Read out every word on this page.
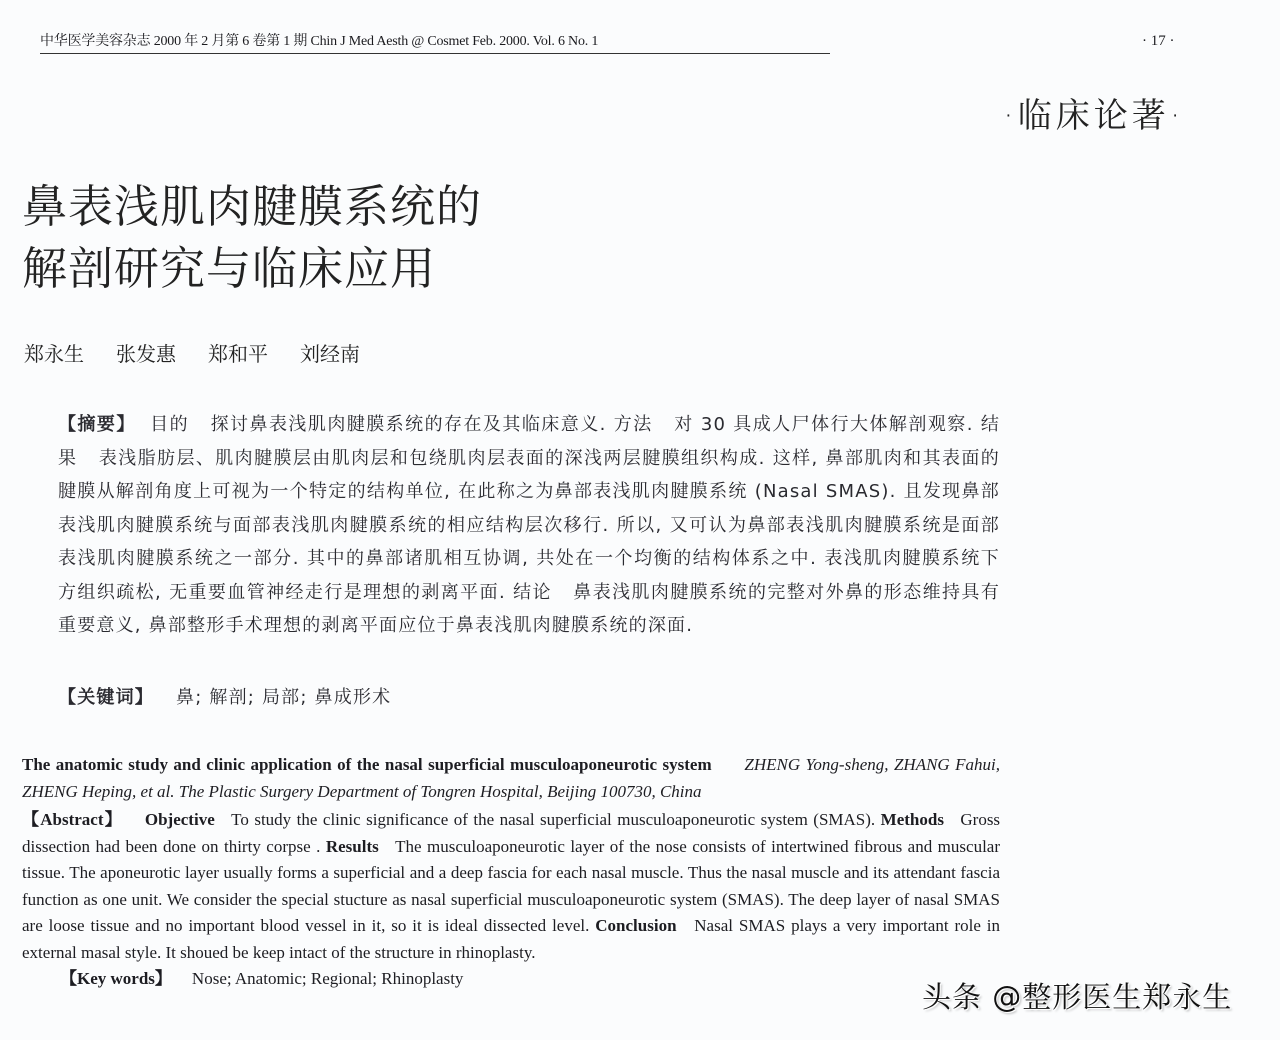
中华医学美容杂志 2000 年 2 月第 6 卷第 1 期 Chin J Med Aesth @ Cosmet Feb. 2000. Vol. 6 No. 1	· 17 ·
·临床论著·
鼻表浅肌肉腱膜系统的
解剖研究与临床应用
郑永生 张发惠 郑和平 刘经南
【摘要】 目的 探讨鼻表浅肌肉腱膜系统的存在及其临床意义. 方法 对 30 具成人尸体行大体解剖观察. 结果 表浅脂肪层、肌肉腱膜层由肌肉层和包绕肌肉层表面的深浅两层腱膜组织构成. 这样, 鼻部肌肉和其表面的腱膜从解剖角度上可视为一个特定的结构单位, 在此称之为鼻部表浅肌肉腱膜系统 (Nasal SMAS). 且发现鼻部表浅肌肉腱膜系统与面部表浅肌肉腱膜系统的相应结构层次移行. 所以, 又可认为鼻部表浅肌肉腱膜系统是面部表浅肌肉腱膜系统之一部分. 其中的鼻部诸肌相互协调, 共处在一个均衡的结构体系之中. 表浅肌肉腱膜系统下方组织疏松, 无重要血管神经走行是理想的剥离平面. 结论 鼻表浅肌肉腱膜系统的完整对外鼻的形态维持具有重要意义, 鼻部整形手术理想的剥离平面应位于鼻表浅肌肉腱膜系统的深面.
【关键词】 鼻; 解剖; 局部; 鼻成形术
The anatomic study and clinic application of the nasal superficial musculoaponeurotic system ZHENG Yong-sheng, ZHANG Fahui, ZHENG Heping, et al. The Plastic Surgery Department of Tongren Hospital, Beijing 100730, China
【Abstract】 Objective To study the clinic significance of the nasal superficial musculoaponeurotic system (SMAS). Methods Gross dissection had been done on thirty corpse . Results The musculoaponeurotic layer of the nose consists of intertwined fibrous and muscular tissue. The aponeurotic layer usually forms a superficial and a deep fascia for each nasal muscle. Thus the nasal muscle and its attendant fascia function as one unit. We consider the special stucture as nasal superficial musculoaponeurotic system (SMAS). The deep layer of nasal SMAS are loose tissue and no important blood vessel in it, so it is ideal dissected level. Conclusion Nasal SMAS plays a very important role in external masal style. It shoued be keep intact of the structure in rhinoplasty.
【Key words】 Nose; Anatomic; Regional; Rhinoplasty
头条 @整形医生郑永生
